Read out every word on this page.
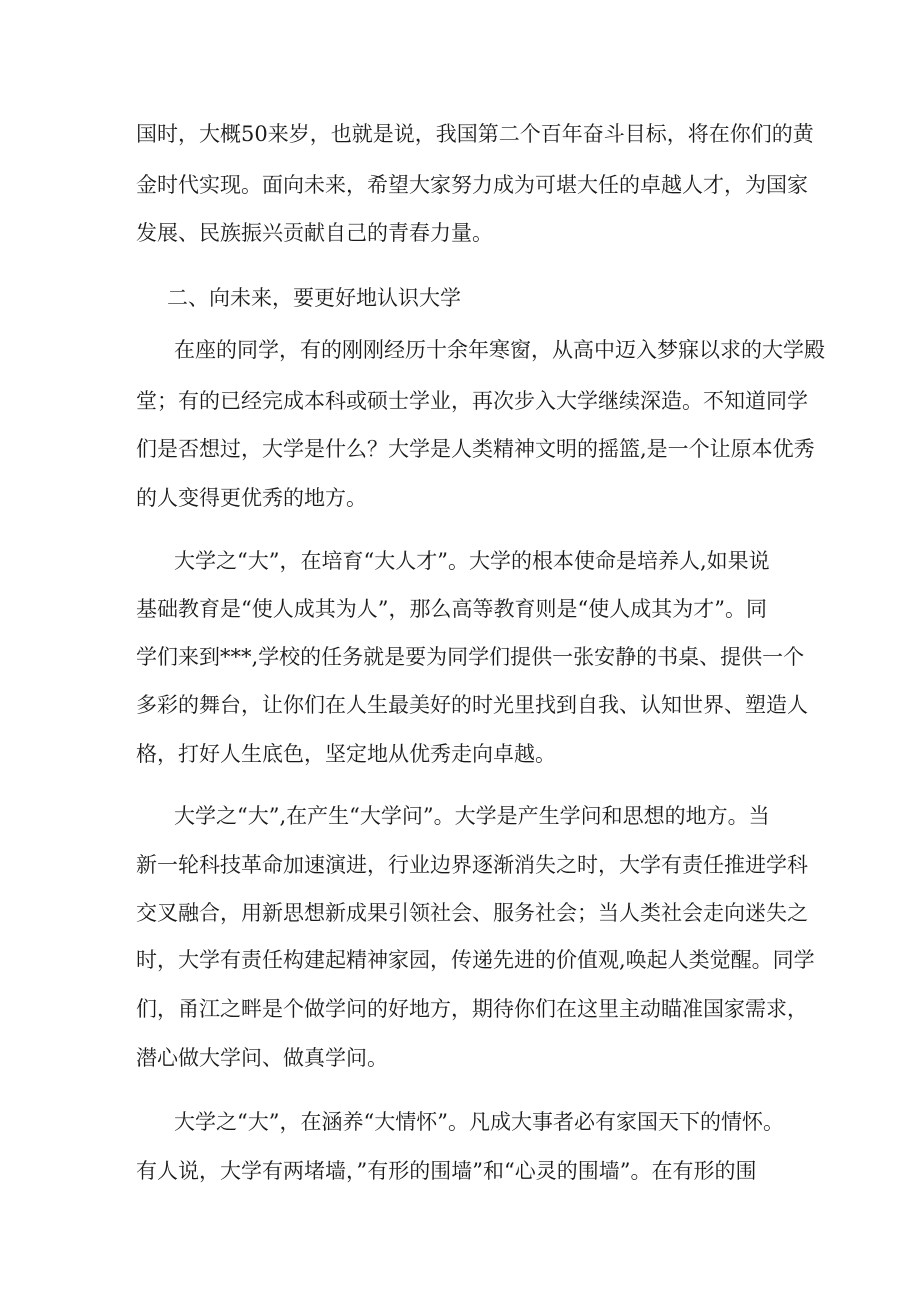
国时，大概50来岁，也就是说，我国第二个百年奋斗目标，将在你们的黄

金时代实现。面向未来，希望大家努力成为可堪大任的卓越人才，为国家

发展、民族振兴贡献自己的青春力量。

二、向未来，要更好地认识大学

在座的同学，有的刚刚经历十余年寒窗，从高中迈入梦寐以求的大学殿

堂；有的已经完成本科或硕士学业，再次步入大学继续深造。不知道同学

们是否想过，大学是什么？大学是人类精神文明的摇篮,是一个让原本优秀

的人变得更优秀的地方。

大学之“大”，在培育“大人才”。大学的根本使命是培养人,如果说

基础教育是“使人成其为人”，那么高等教育则是“使人成其为才”。同

学们来到***,学校的任务就是要为同学们提供一张安静的书桌、提供一个

多彩的舞台，让你们在人生最美好的时光里找到自我、认知世界、塑造人

格，打好人生底色，坚定地从优秀走向卓越。

大学之“大”,在产生“大学问”。大学是产生学问和思想的地方。当

新一轮科技革命加速演进，行业边界逐渐消失之时，大学有责任推进学科

交叉融合，用新思想新成果引领社会、服务社会；当人类社会走向迷失之

时，大学有责任构建起精神家园，传递先进的价值观,唤起人类觉醒。同学

们，甬江之畔是个做学问的好地方，期待你们在这里主动瞄准国家需求，

潜心做大学问、做真学问。

大学之“大”，在涵养“大情怀”。凡成大事者必有家国天下的情怀。

有人说，大学有两堵墙，”有形的围墙”和“心灵的围墙”。在有形的围
